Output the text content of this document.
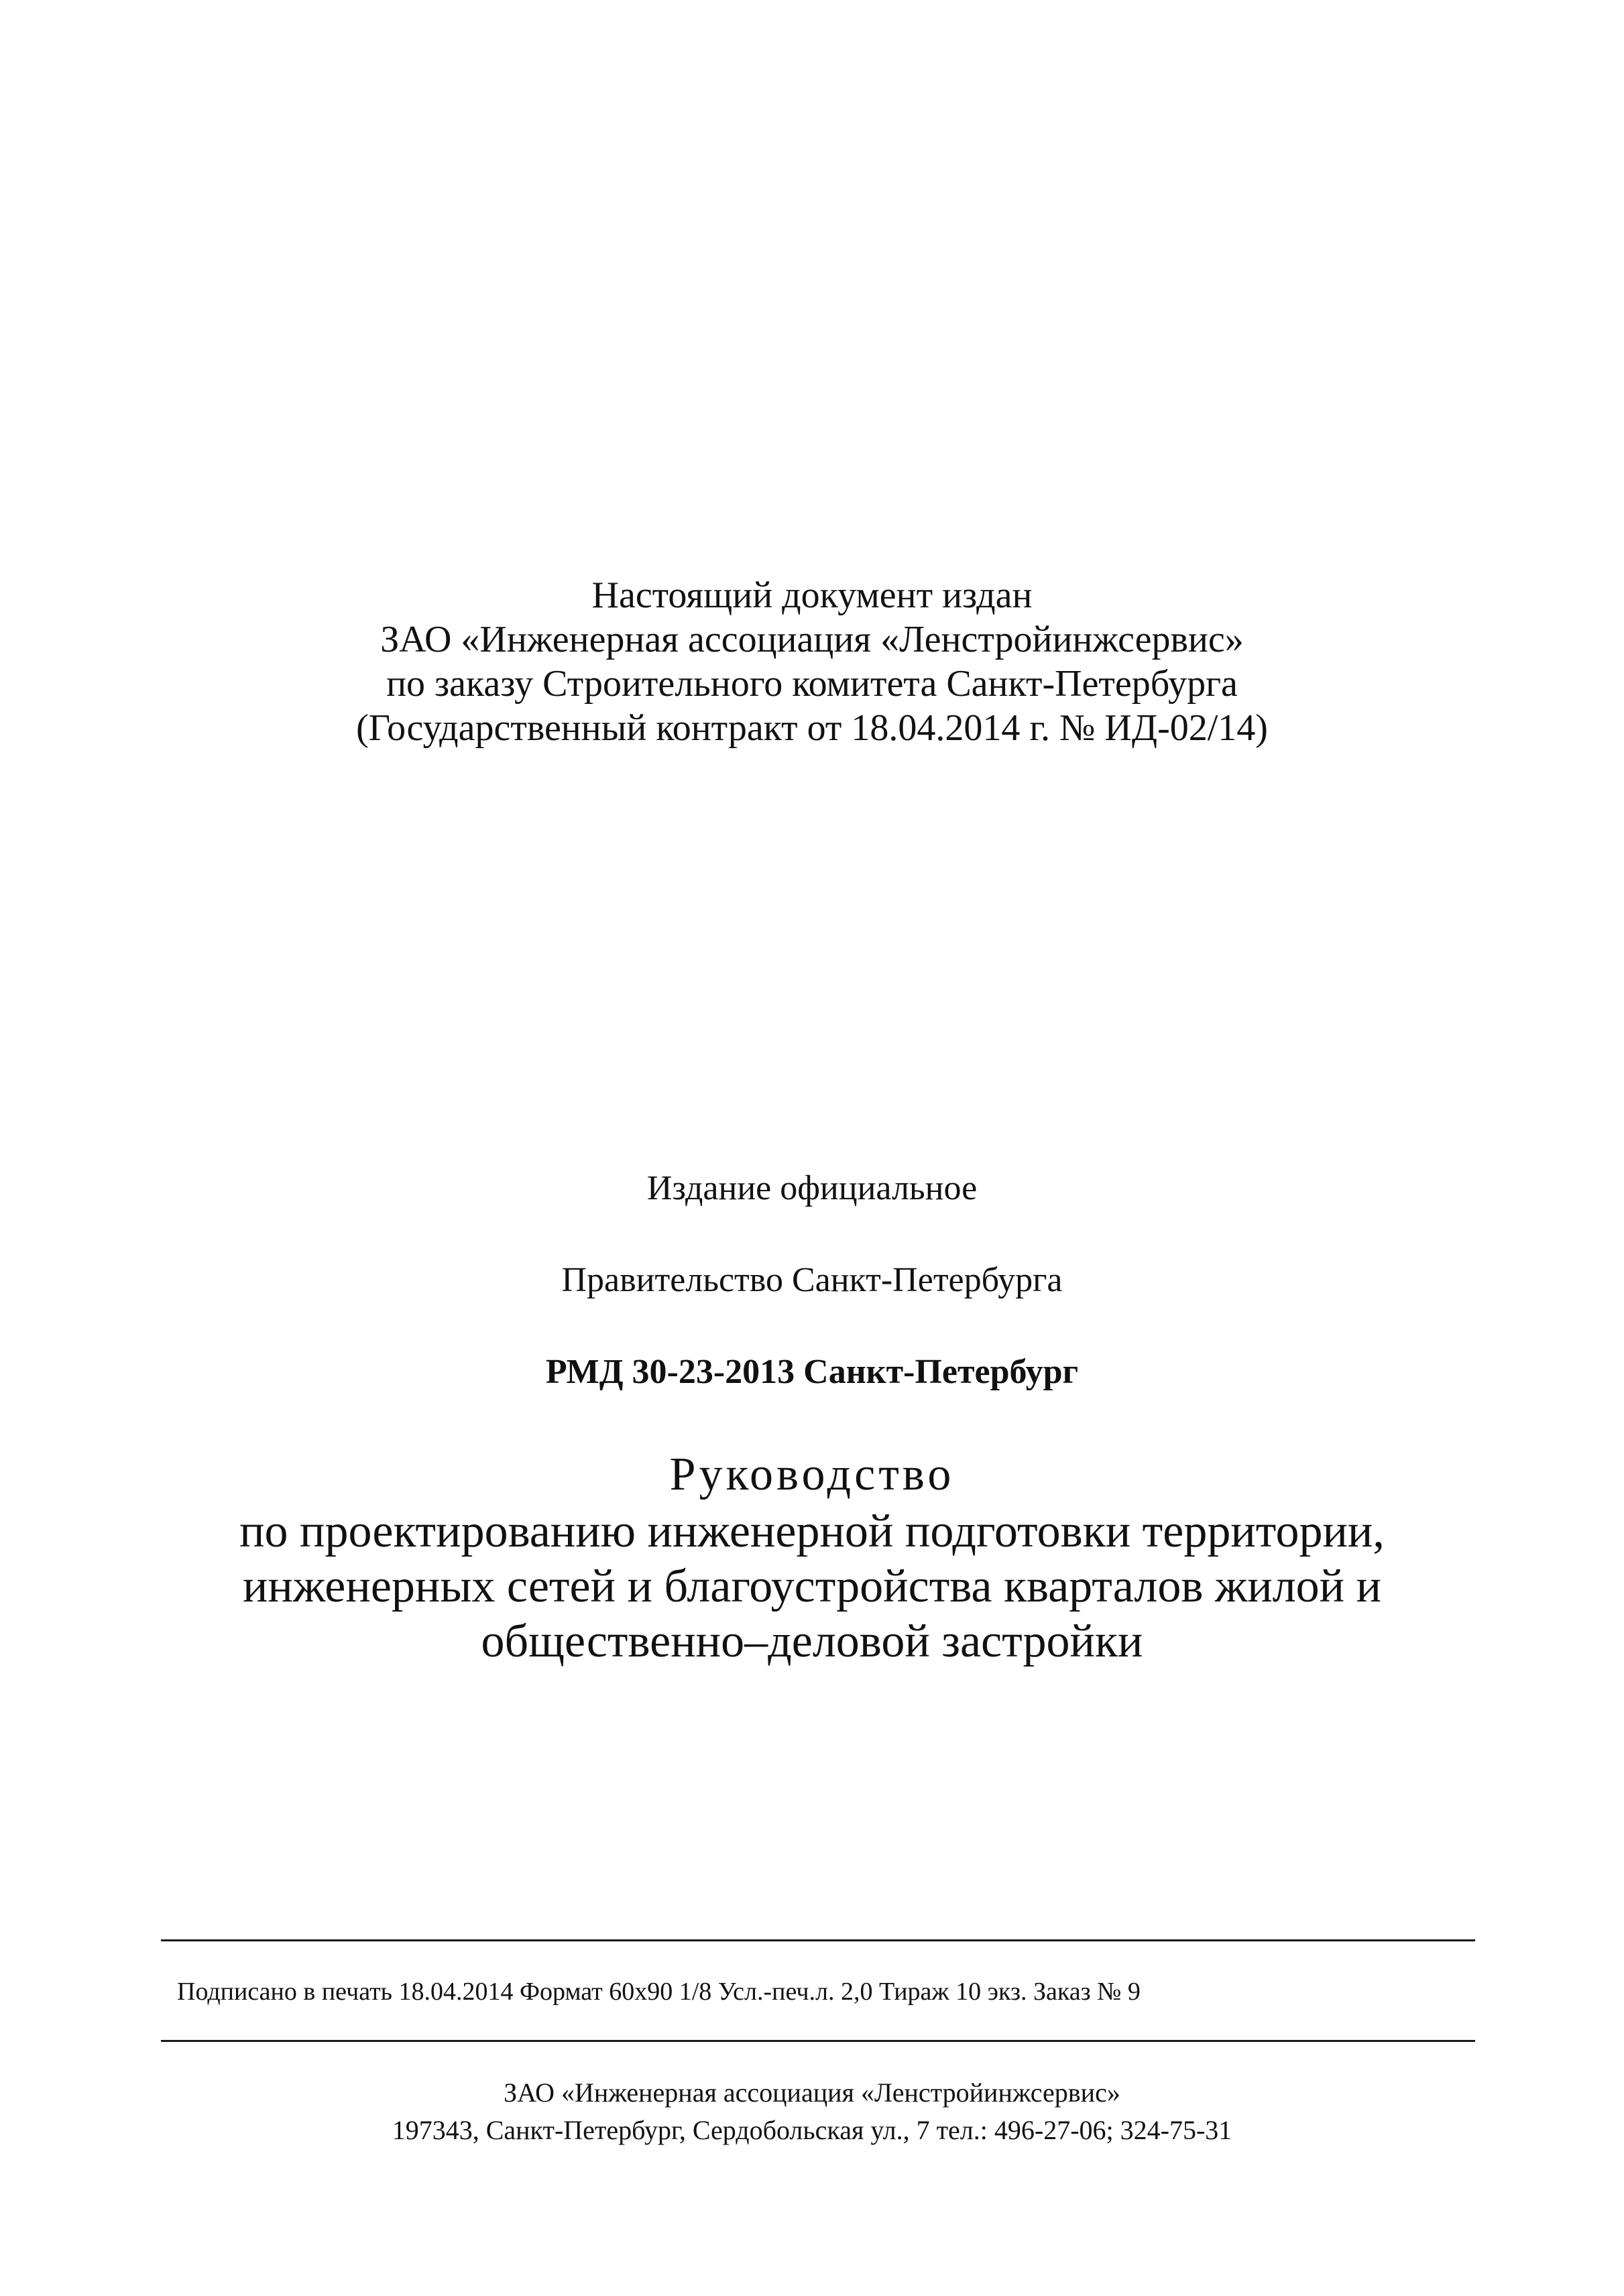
Настоящий документ издан
ЗАО «Инженерная ассоциация «Ленстройинжсервис»
по заказу Строительного комитета Санкт-Петербурга
(Государственный контракт от 18.04.2014 г. № ИД-02/14)
Издание официальное
Правительство Санкт-Петербурга
РМД 30-23-2013 Санкт-Петербург
Руководство
по проектированию инженерной подготовки территории,
инженерных сетей и благоустройства кварталов жилой и
общественно–деловой застройки
Подписано в печать 18.04.2014 Формат 60х90 1/8 Усл.-печ.л. 2,0 Тираж 10 экз. Заказ № 9
ЗАО «Инженерная ассоциация «Ленстройинжсервис»
197343, Санкт-Петербург, Сердобольская ул., 7 тел.: 496-27-06; 324-75-31
